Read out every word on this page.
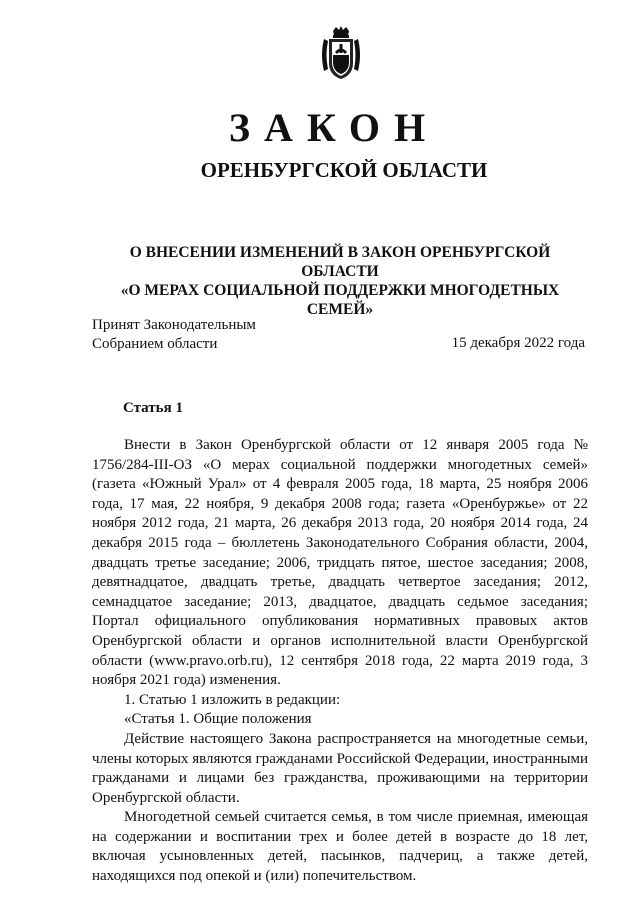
ЗАКОН
ОРЕНБУРГСКОЙ ОБЛАСТИ
О ВНЕСЕНИИ ИЗМЕНЕНИЙ В ЗАКОН ОРЕНБУРГСКОЙ ОБЛАСТИ
«О МЕРАХ СОЦИАЛЬНОЙ ПОДДЕРЖКИ МНОГОДЕТНЫХ СЕМЕЙ»
Принят Законодательным
Собранием области	15 декабря 2022 года
Статья 1

Внести в Закон Оренбургской области от 12 января 2005 года № 1756/284-III-ОЗ «О мерах социальной поддержки многодетных семей» (газета «Южный Урал» от 4 февраля 2005 года, 18 марта, 25 ноября 2006 года, 17 мая, 22 ноября, 9 декабря 2008 года; газета «Оренбуржье» от 22 ноября 2012 года, 21 марта, 26 декабря 2013 года, 20 ноября 2014 года, 24 декабря 2015 года – бюллетень Законодательного Собрания области, 2004, двадцать третье заседание; 2006, тридцать пятое, шестое заседания; 2008, девятнадцатое, двадцать третье, двадцать четвертое заседания; 2012, семнадцатое заседание; 2013, двадцатое, двадцать седьмое заседания; Портал официального опубликования нормативных правовых актов Оренбургской области и органов исполнительной власти Оренбургской области (www.pravo.orb.ru), 12 сентября 2018 года, 22 марта 2019 года, 3 ноября 2021 года) изменения.

1. Статью 1 изложить в редакции:

«Статья 1. Общие положения

Действие настоящего Закона распространяется на многодетные семьи, члены которых являются гражданами Российской Федерации, иностранными гражданами и лицами без гражданства, проживающими на территории Оренбургской области.

Многодетной семьей считается семья, в том числе приемная, имеющая на содержании и воспитании трех и более детей в возрасте до 18 лет, включая усыновленных детей, пасынков, падчериц, а также детей, находящихся под опекой и (или) попечительством.
